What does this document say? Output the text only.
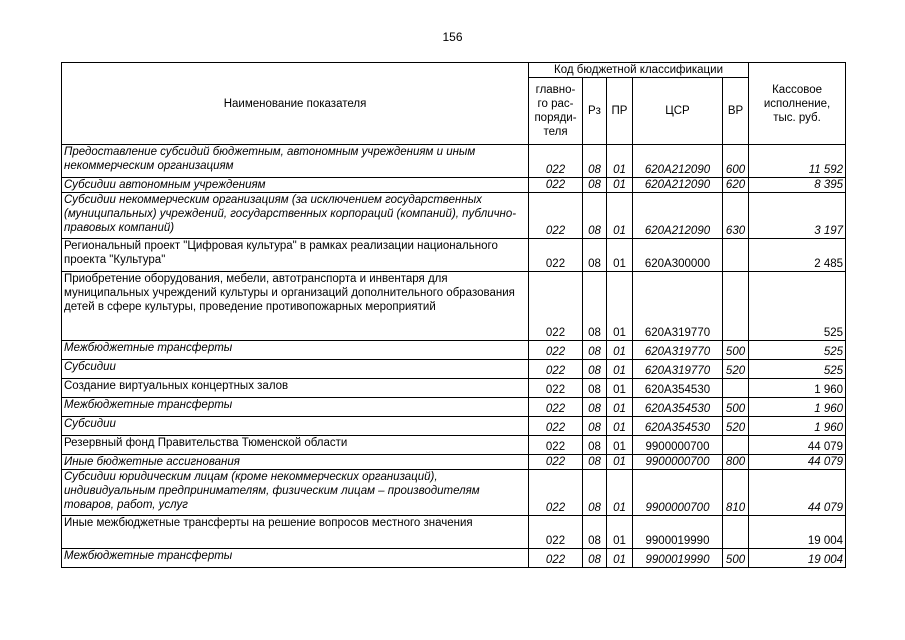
156
Наименование показателя	Код бюджетной классификации					Кассовое исполнение, тыс. руб.
	главно-го рас-поряди-теля	Рз	ПР	ЦСР	ВР	
Предоставление субсидий бюджетным, автономным учреждениям и иным некоммерческим организациям	022	08	01	620A212090	600	11 592
Субсидии автономным учреждениям	022	08	01	620A212090	620	8 395
Субсидии некоммерческим организациям (за исключением государственных (муниципальных) учреждений, государственных корпораций (компаний), публично-правовых компаний)	022	08	01	620A212090	630	3 197
Региональный проект "Цифровая культура" в рамках реализации национального проекта "Культура"	022	08	01	620A300000		2 485
Приобретение оборудования, мебели, автотранспорта и инвентаря для муниципальных учреждений культуры и организаций дополнительного образования детей в сфере культуры, проведение противопожарных мероприятий	022	08	01	620A319770		525
Межбюджетные трансферты	022	08	01	620A319770	500	525
Субсидии	022	08	01	620A319770	520	525
Создание виртуальных концертных залов	022	08	01	620A354530		1 960
Межбюджетные трансферты	022	08	01	620A354530	500	1 960
Субсидии	022	08	01	620A354530	520	1 960
Резервный фонд Правительства Тюменской области	022	08	01	9900000700		44 079
Иные бюджетные ассигнования	022	08	01	9900000700	800	44 079
Субсидии юридическим лицам (кроме некоммерческих организаций), индивидуальным предпринимателям, физическим лицам – производителям товаров, работ, услуг	022	08	01	9900000700	810	44 079
Иные межбюджетные трансферты на решение вопросов местного значения	022	08	01	9900019990		19 004
Межбюджетные трансферты	022	08	01	9900019990	500	19 004
